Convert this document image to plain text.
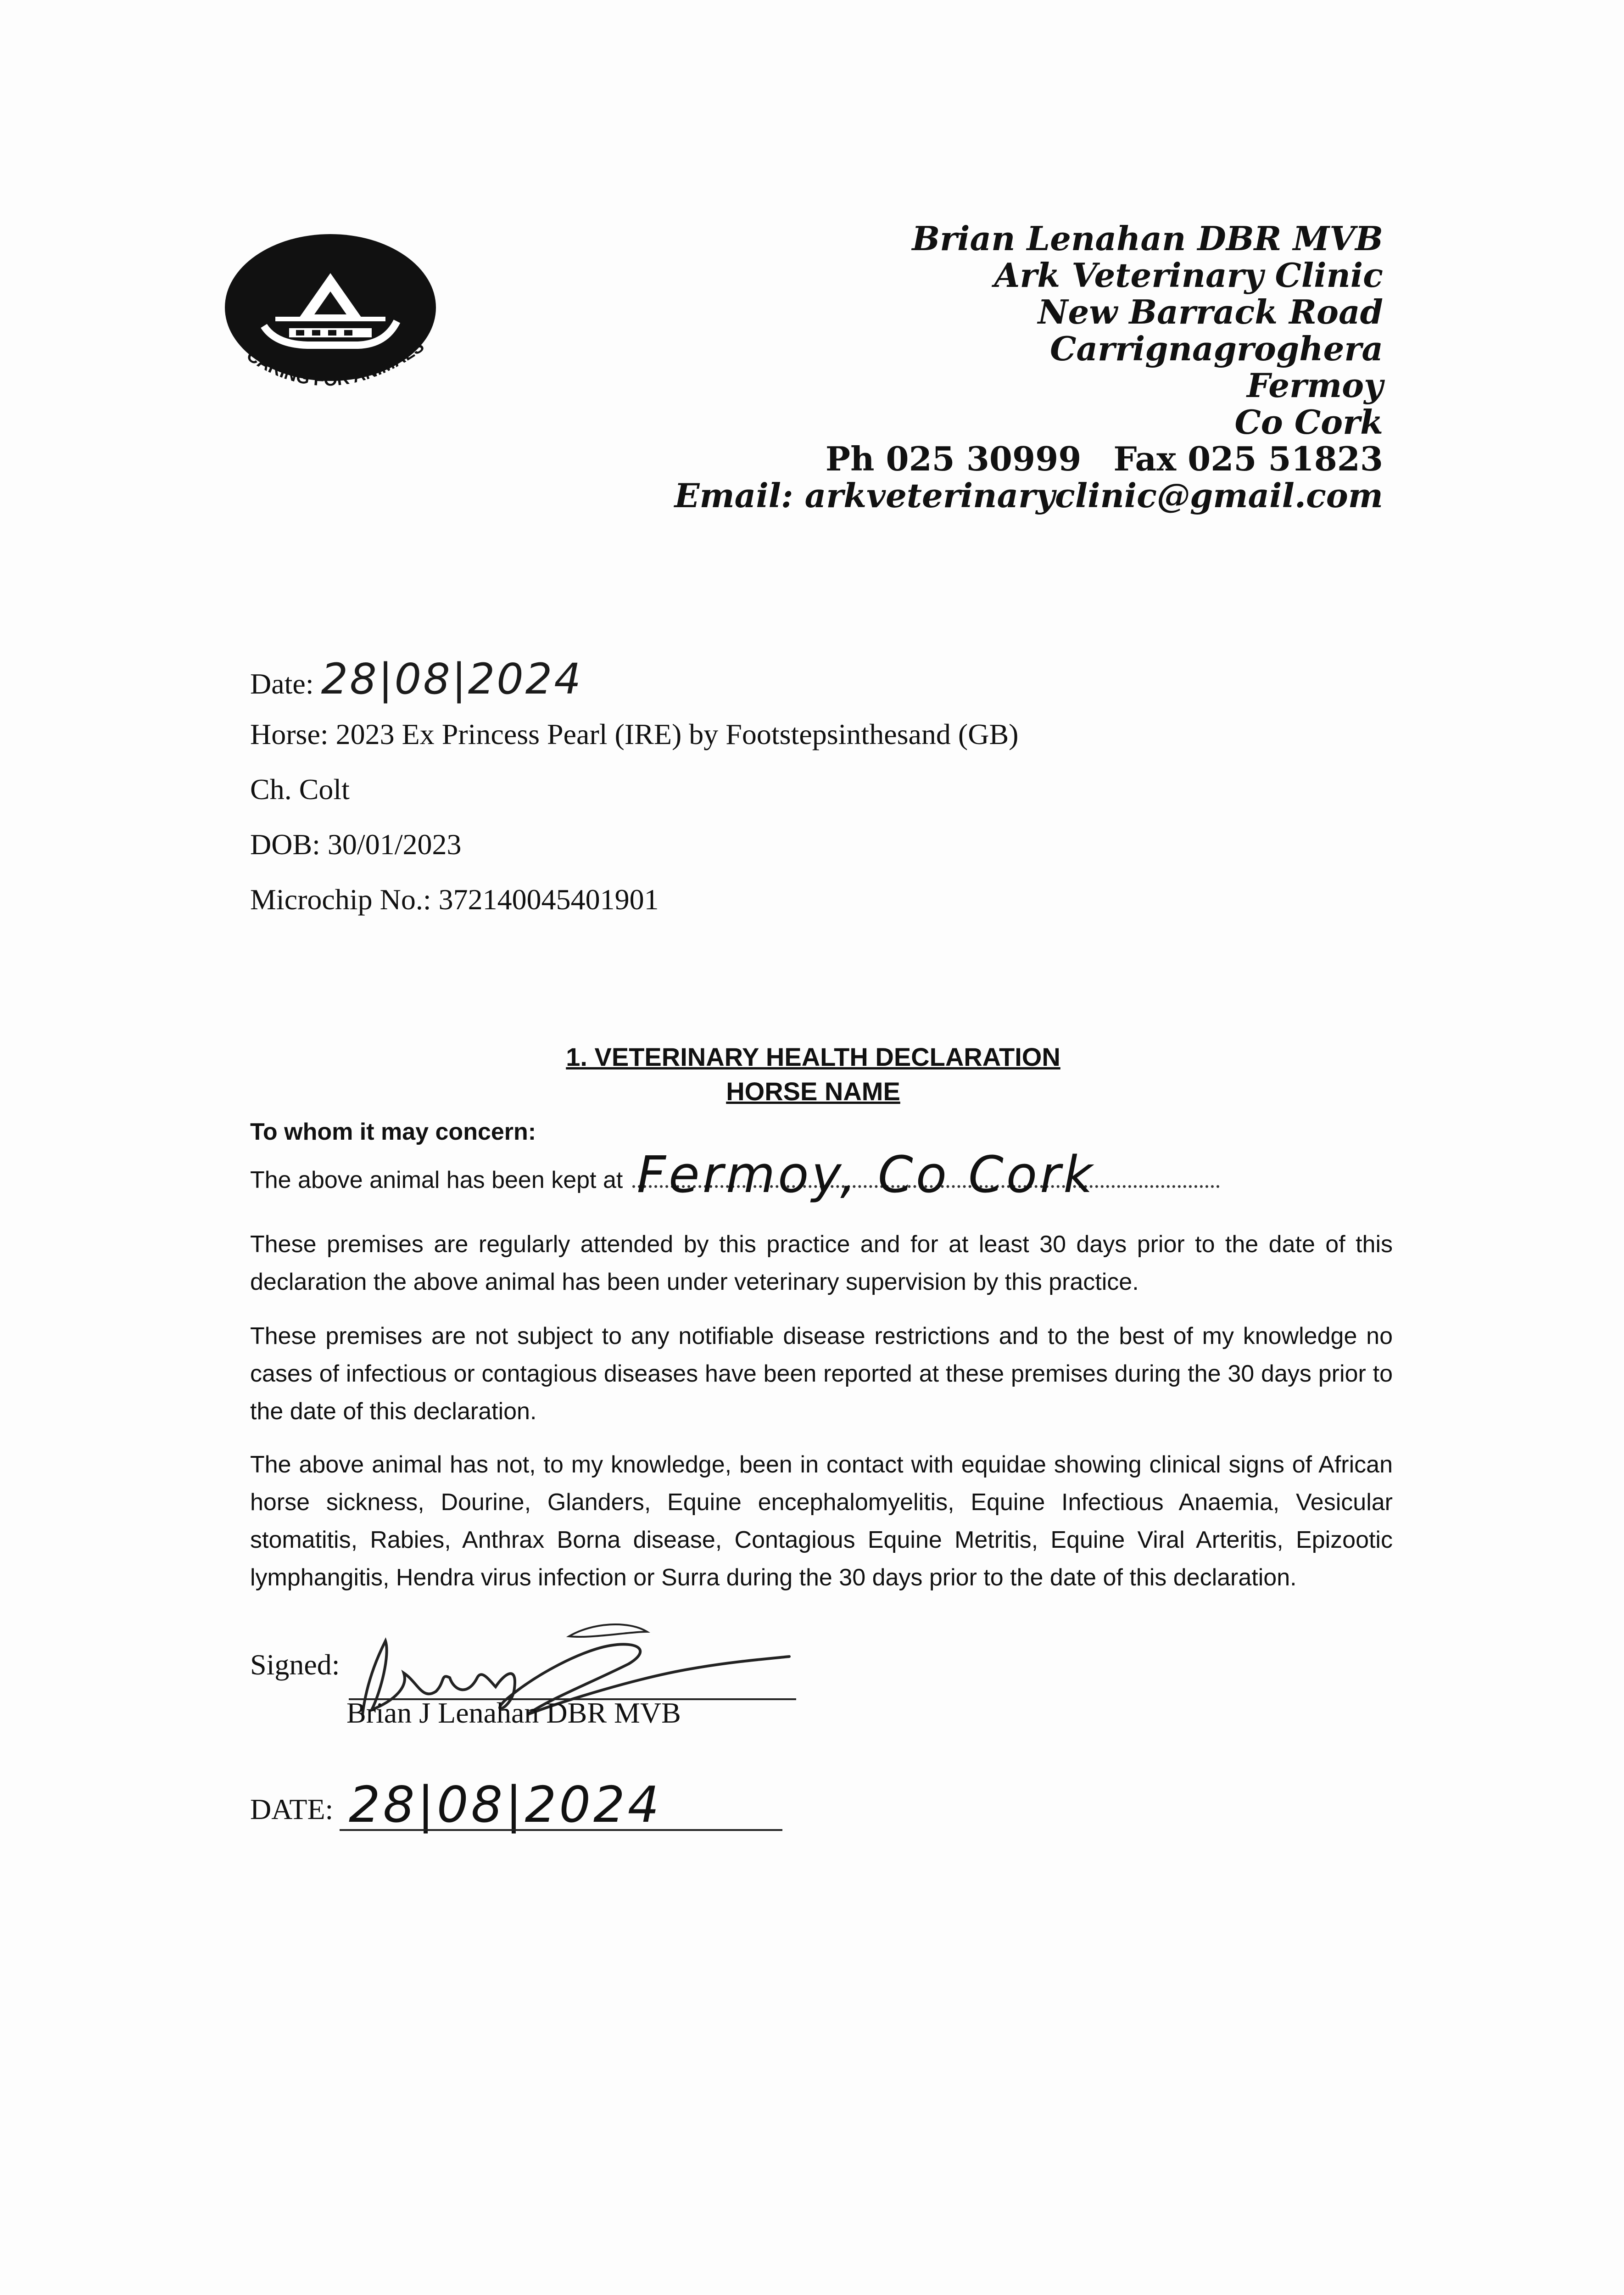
CARING FOR ANIMALS
Brian Lenahan DBR MVB
Ark Veterinary Clinic
New Barrack Road
Carrignagroghera
Fermoy
Co Cork
Ph 025 30999 Fax 025 51823
Email: arkveterinaryclinic@gmail.com
Date: 28|08|2024
Horse: 2023 Ex Princess Pearl (IRE) by Footstepsinthesand (GB)
Ch. Colt
DOB: 30/01/2023
Microchip No.: 372140045401901
1. VETERINARY HEALTH DECLARATION
HORSE NAME
To whom it may concern:
The above animal has been kept at Fermoy, Co Cork
These premises are regularly attended by this practice and for at least 30 days prior to the date of this declaration the above animal has been under veterinary supervision by this practice.
These premises are not subject to any notifiable disease restrictions and to the best of my knowledge no cases of infectious or contagious diseases have been reported at these premises during the 30 days prior to the date of this declaration.
The above animal has not, to my knowledge, been in contact with equidae showing clinical signs of African horse sickness, Dourine, Glanders, Equine encephalomyelitis, Equine Infectious Anaemia, Vesicular stomatitis, Rabies, Anthrax Borna disease, Contagious Equine Metritis, Equine Viral Arteritis, Epizootic lymphangitis, Hendra virus infection or Surra during the 30 days prior to the date of this declaration.
Signed:
Brian J Lenahan DBR MVB
DATE: 28|08|2024
